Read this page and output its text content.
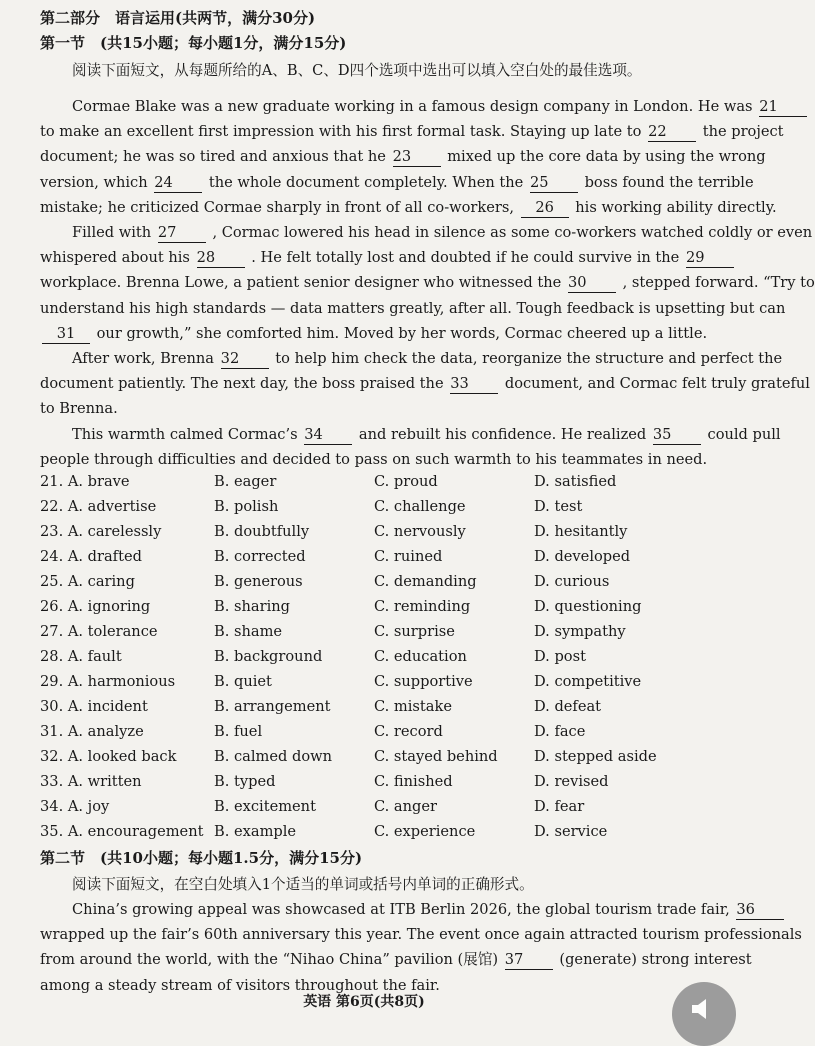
第二部分　语言运用(共两节，满分30分)
第一节　(共15小题；每小题1分，满分15分)
阅读下面短文，从每题所给的A、B、C、D四个选项中选出可以填入空白处的最佳选项。
Cormae Blake was a new graduate working in a famous design company in London. He was 21
to make an excellent first impression with his first formal task. Staying up late to 22 the project
document; he was so tired and anxious that he 23 mixed up the core data by using the wrong
version, which 24 the whole document completely. When the 25 boss found the terrible
mistake; he criticized Cormae sharply in front of all co-workers, 26 his working ability directly.
Filled with 27 , Cormac lowered his head in silence as some co-workers watched coldly or even
whispered about his 28 . He felt totally lost and doubted if he could survive in the 29
workplace. Brenna Lowe, a patient senior designer who witnessed the 30 , stepped forward. “Try to
understand his high standards — data matters greatly, after all. Tough feedback is upsetting but can
31 our growth,” she comforted him. Moved by her words, Cormac cheered up a little.
After work, Brenna 32 to help him check the data, reorganize the structure and perfect the
document patiently. The next day, the boss praised the 33 document, and Cormac felt truly grateful
to Brenna.
This warmth calmed Cormac’s 34 and rebuilt his confidence. He realized 35 could pull
people through difficulties and decided to pass on such warmth to his teammates in need.
21. A. brave	B. eager	C. proud	D. satisfied
22. A. advertise	B. polish	C. challenge	D. test
23. A. carelessly	B. doubtfully	C. nervously	D. hesitantly
24. A. drafted	B. corrected	C. ruined	D. developed
25. A. caring	B. generous	C. demanding	D. curious
26. A. ignoring	B. sharing	C. reminding	D. questioning
27. A. tolerance	B. shame	C. surprise	D. sympathy
28. A. fault	B. background	C. education	D. post
29. A. harmonious	B. quiet	C. supportive	D. competitive
30. A. incident	B. arrangement	C. mistake	D. defeat
31. A. analyze	B. fuel	C. record	D. face
32. A. looked back	B. calmed down	C. stayed behind D. stepped aside
33. A. written	B. typed	C. finished	D. revised
34. A. joy	B. excitement	C. anger	D. fear
35. A. encouragement B. example	C. experience	D. service
第二节　(共10小题；每小题1.5分，满分15分)
阅读下面短文，在空白处填入1个适当的单词或括号内单词的正确形式。
China’s growing appeal was showcased at ITB Berlin 2026, the global tourism trade fair, 36
wrapped up the fair’s 60th anniversary this year. The event once again attracted tourism professionals
from around the world, with the “Nihao China” pavilion (展馆) 37 (generate) strong interest
among a steady stream of visitors throughout the fair.
英语 第6页(共8页)
